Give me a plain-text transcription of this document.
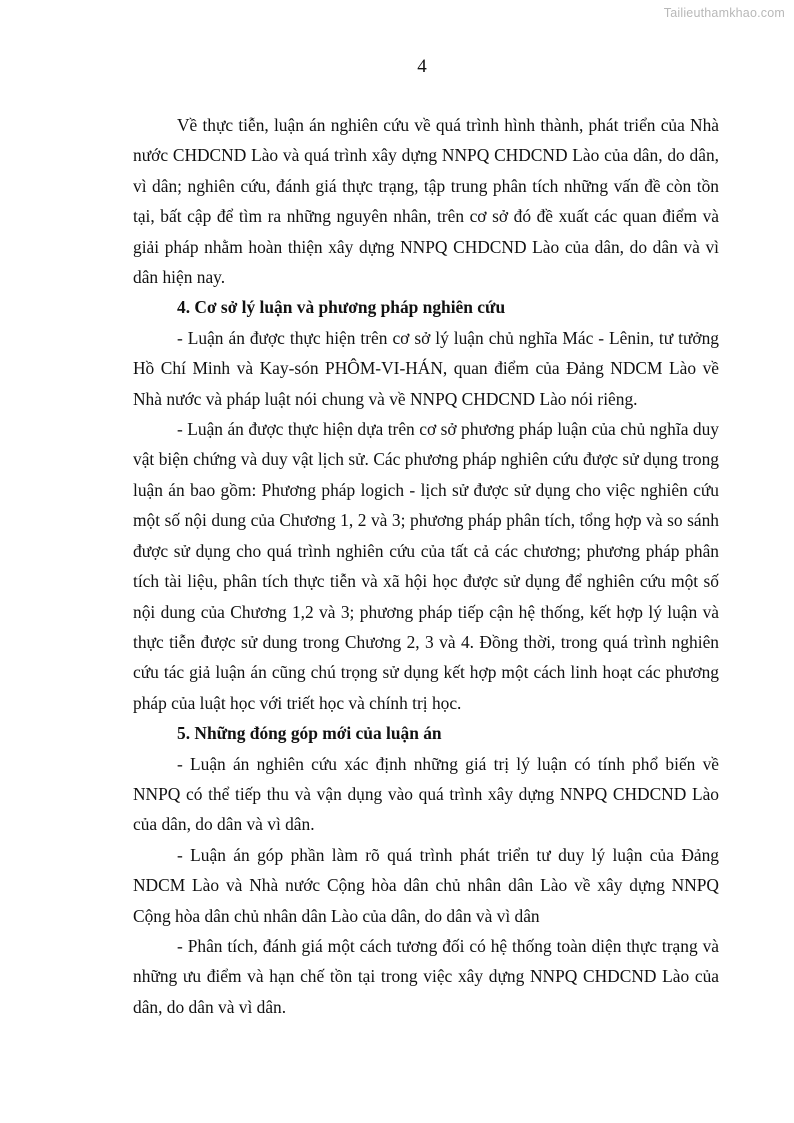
Tailieuthamkhao.com
4

Về thực tiễn, luận án nghiên cứu về quá trình hình thành, phát triển của Nhà nước CHDCND Lào và quá trình xây dựng NNPQ CHDCND Lào của dân, do dân, vì dân; nghiên cứu, đánh giá thực trạng, tập trung phân tích những vấn đề còn tồn tại, bất cập để tìm ra những nguyên nhân, trên cơ sở đó đề xuất các quan điểm và giải pháp nhằm hoàn thiện xây dựng NNPQ CHDCND Lào của dân, do dân và vì dân hiện nay.

4. Cơ sở lý luận và phương pháp nghiên cứu

- Luận án được thực hiện trên cơ sở lý luận chủ nghĩa Mác - Lênin, tư tưởng Hồ Chí Minh và Kay-són PHÔM-VI-HÁN, quan điểm của Đảng NDCM Lào về Nhà nước và pháp luật nói chung và về NNPQ CHDCND Lào nói riêng.

- Luận án được thực hiện dựa trên cơ sở phương pháp luận của chủ nghĩa duy vật biện chứng và duy vật lịch sử. Các phương pháp nghiên cứu được sử dụng trong luận án bao gồm: Phương pháp logich - lịch sử được sử dụng cho việc nghiên cứu một số nội dung của Chương 1, 2 và 3; phương pháp phân tích, tổng hợp và so sánh được sử dụng cho quá trình nghiên cứu của tất cả các chương; phương pháp phân tích tài liệu, phân tích thực tiễn và xã hội học được sử dụng để nghiên cứu một số nội dung của Chương 1,2 và 3; phương pháp tiếp cận hệ thống, kết hợp lý luận và thực tiễn được sử dung trong Chương 2, 3 và 4. Đồng thời, trong quá trình nghiên cứu tác giả luận án cũng chú trọng sử dụng kết hợp một cách linh hoạt các phương pháp của luật học với triết học và chính trị học.

5. Những đóng góp mới của luận án

- Luận án nghiên cứu xác định những giá trị lý luận có tính phổ biến về NNPQ có thể tiếp thu và vận dụng vào quá trình xây dựng NNPQ CHDCND Lào của dân, do dân và vì dân.

- Luận án góp phần làm rõ quá trình phát triển tư duy lý luận của Đảng NDCM Lào và Nhà nước Cộng hòa dân chủ nhân dân Lào về xây dựng NNPQ Cộng hòa dân chủ nhân dân Lào của dân, do dân và vì dân

- Phân tích, đánh giá một cách tương đối có hệ thống toàn diện thực trạng và những ưu điểm và hạn chế tồn tại trong việc xây dựng NNPQ CHDCND Lào của dân, do dân và vì dân.
